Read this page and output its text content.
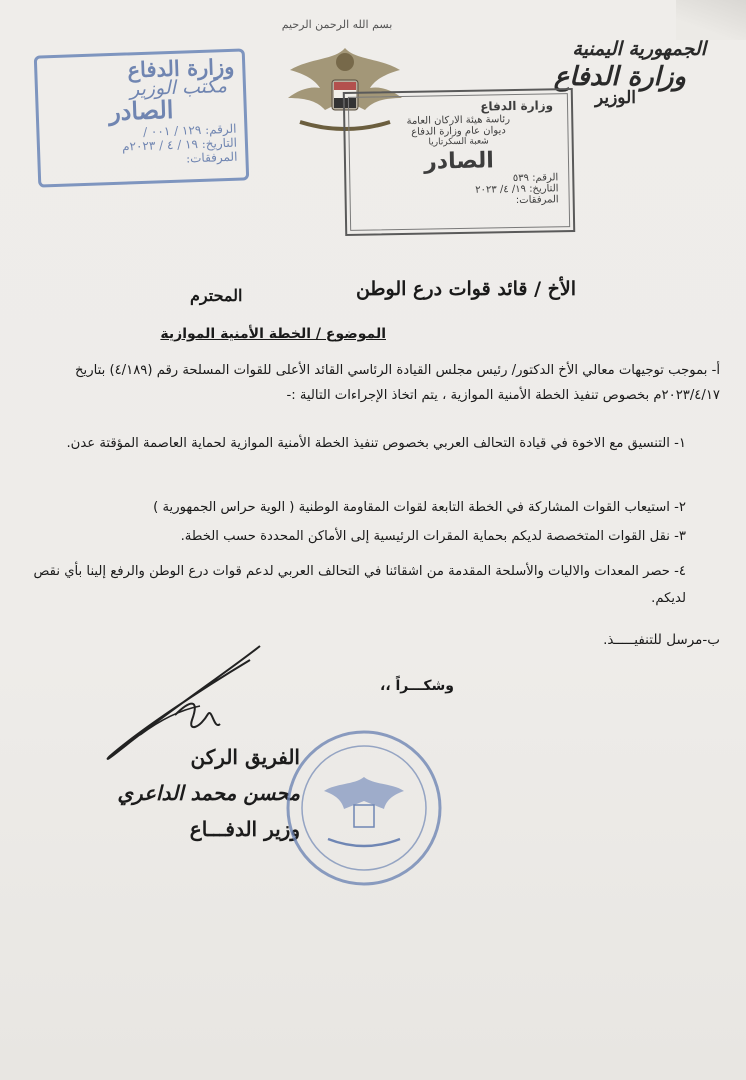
بسم الله الرحمن الرحيم
الجمهورية اليمنية
وزارة الدفاع
الوزير
وزارة الدفاع
مكتب الوزير
الصادر
الرقم: ١٢٩ / ٠٠١ /
التاريخ: ١٩ / ٤ / ٢٠٢٣م
المرفقات:
وزارة الدفاع
رئاسة هيئة الاركان العامة
ديوان عام وزارة الدفاع
شعبة السكرتاريا
الصادر
الرقم: ٥٣٩
التاريخ: ١٩/ ٤/ ٢٠٢٣
المرفقات:
الأخ / قائد قوات درع الوطن
المحترم
الموضوع / الخطة الأمنية الموازية
أ- بموجب توجيهات معالي الأخ الدكتور/ رئيس مجلس القيادة الرئاسي القائد الأعلى للقوات المسلحة رقم (٤/١٨٩) بتاريخ ٢٠٢٣/٤/١٧م بخصوص تنفيذ الخطة الأمنية الموازية ، يتم اتخاذ الإجراءات التالية :-
١- التنسيق مع الاخوة في قيادة التحالف العربي بخصوص تنفيذ الخطة الأمنية الموازية لحماية العاصمة المؤقتة عدن.
٢- استيعاب القوات المشاركة في الخطة التابعة لقوات المقاومة الوطنية ( الوية حراس الجمهورية )
٣- نقل القوات المتخصصة لديكم بحماية المقرات الرئيسية إلى الأماكن المحددة حسب الخطة.
٤- حصر المعدات والاليات والأسلحة المقدمة من اشقائنا في التحالف العربي لدعم قوات درع الوطن والرفع إلينا بأي نقص لديكم.
ب-مرسل للتنفيـــــذ.
وشكـــراً ،،
الفريق الركن
محسن محمد الداعري
وزير الدفـــاع
